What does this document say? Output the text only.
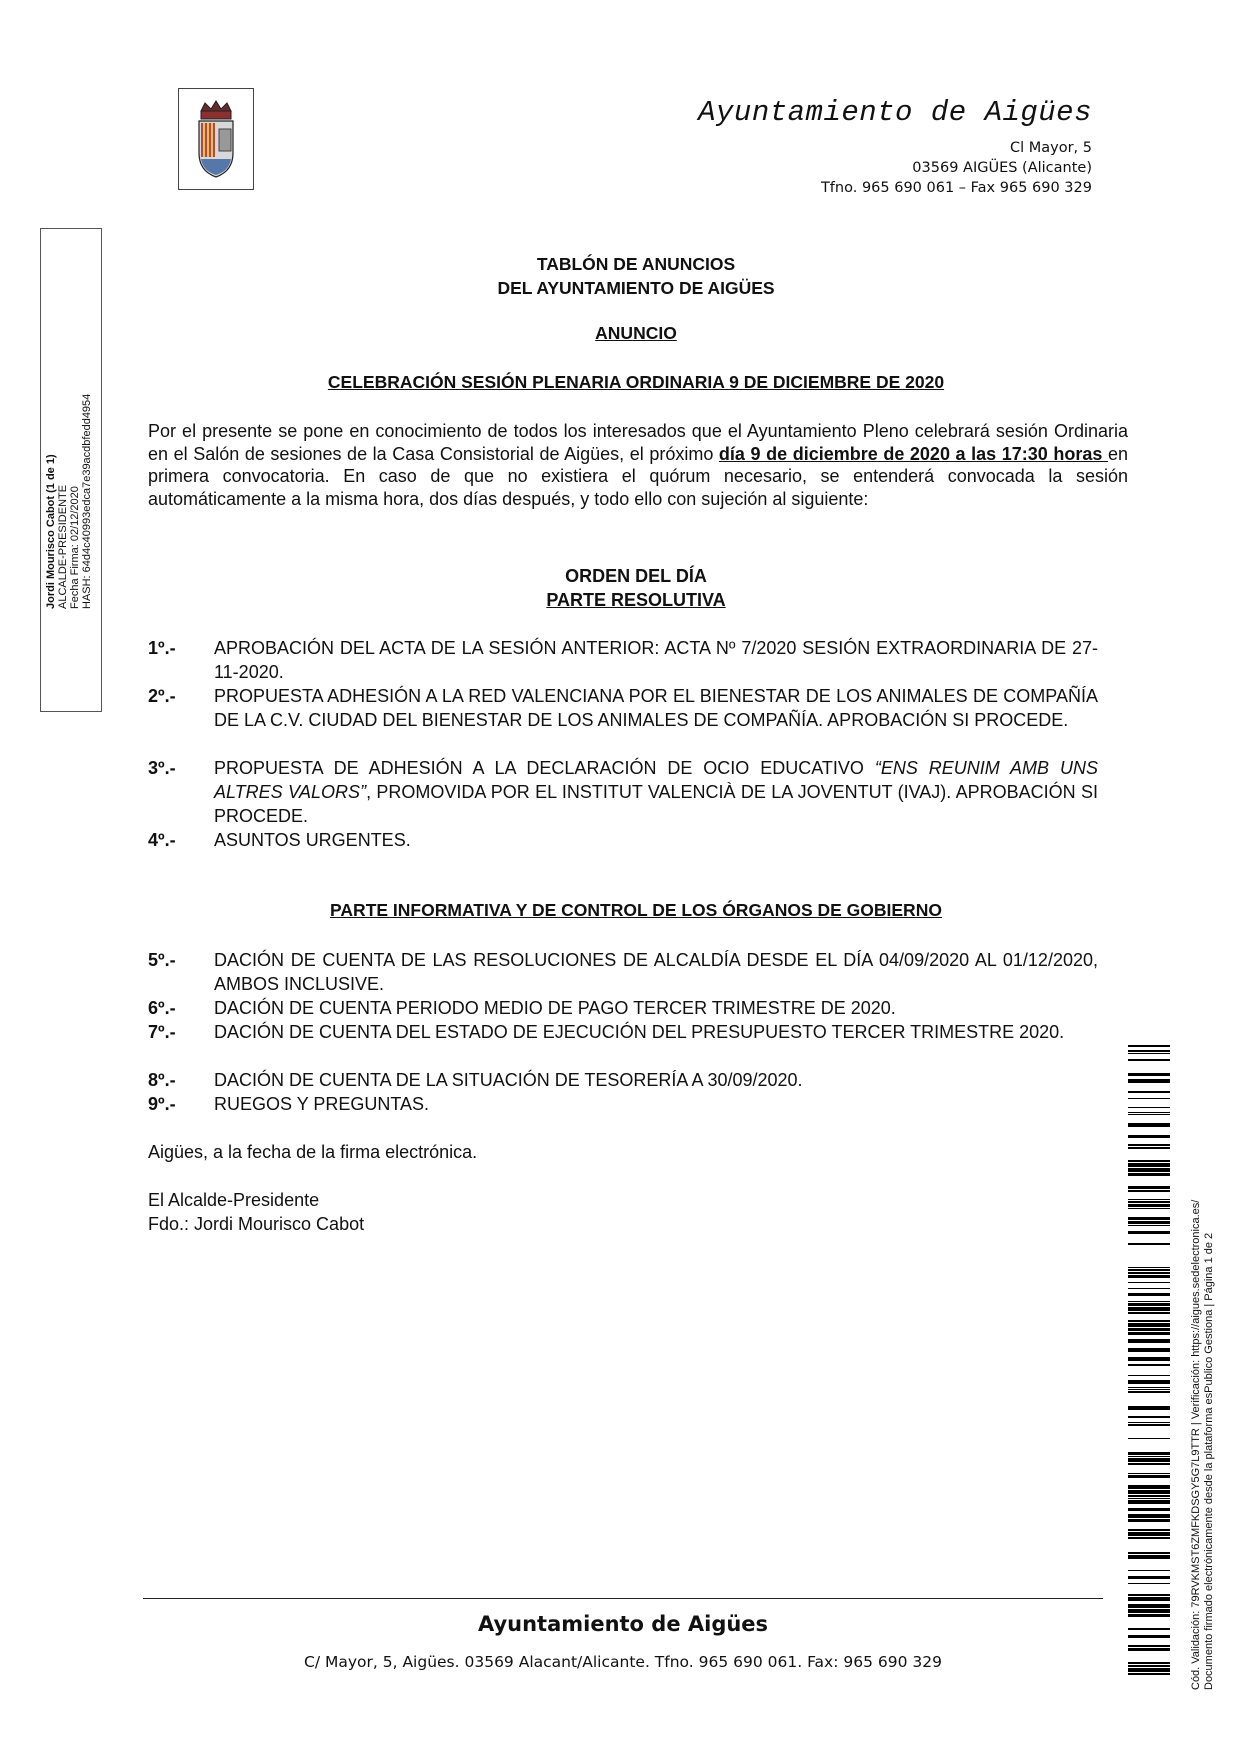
Ayuntamiento de Aigües
Cl Mayor, 5
03569 AIGÜES (Alicante)
Tfno. 965 690 061 – Fax 965 690 329
Jordi Mourisco Cabot (1 de 1) ALCALDE-PRESIDENTE Fecha Firma: 02/12/2020 HASH: 64d4c40993edca7e39acdbfedd4954
TABLÓN DE ANUNCIOS
DEL AYUNTAMIENTO DE AIGÜES
ANUNCIO
CELEBRACIÓN SESIÓN PLENARIA ORDINARIA 9 DE DICIEMBRE DE 2020
Por el presente se pone en conocimiento de todos los interesados que el Ayuntamiento Pleno celebrará sesión Ordinaria en el Salón de sesiones de la Casa Consistorial de Aigües, el próximo día 9 de diciembre de 2020 a las 17:30 horas en primera convocatoria. En caso de que no existiera el quórum necesario, se entenderá convocada la sesión automáticamente a la misma hora, dos días después, y todo ello con sujeción al siguiente:
ORDEN DEL DÍA
PARTE RESOLUTIVA
1º.-	APROBACIÓN DEL ACTA DE LA SESIÓN ANTERIOR: ACTA Nº 7/2020 SESIÓN EXTRAORDINARIA DE 27-11-2020.
2º.-	PROPUESTA ADHESIÓN A LA RED VALENCIANA POR EL BIENESTAR DE LOS ANIMALES DE COMPAÑÍA DE LA C.V. CIUDAD DEL BIENESTAR DE LOS ANIMALES DE COMPAÑÍA. APROBACIÓN SI PROCEDE.
3º.-	PROPUESTA DE ADHESIÓN A LA DECLARACIÓN DE OCIO EDUCATIVO “ENS REUNIM AMB UNS ALTRES VALORS”, PROMOVIDA POR EL INSTITUT VALENCIÀ DE LA JOVENTUT (IVAJ). APROBACIÓN SI PROCEDE.
4º.-	ASUNTOS URGENTES.
PARTE INFORMATIVA Y DE CONTROL DE LOS ÓRGANOS DE GOBIERNO
5º.-	DACIÓN DE CUENTA DE LAS RESOLUCIONES DE ALCALDÍA DESDE EL DÍA 04/09/2020 AL 01/12/2020, AMBOS INCLUSIVE.
6º.-	DACIÓN DE CUENTA PERIODO MEDIO DE PAGO TERCER TRIMESTRE DE 2020.
7º.-	DACIÓN DE CUENTA DEL ESTADO DE EJECUCIÓN DEL PRESUPUESTO TERCER TRIMESTRE 2020.
8º.-	DACIÓN DE CUENTA DE LA SITUACIÓN DE TESORERÍA A 30/09/2020.
9º.-	RUEGOS Y PREGUNTAS.
Aigües, a la fecha de la firma electrónica.
El Alcalde-Presidente
Fdo.: Jordi Mourisco Cabot
Ayuntamiento de Aigües
C/ Mayor, 5, Aigües. 03569 Alacant/Alicante. Tfno. 965 690 061. Fax: 965 690 329	Cód. Validación: 79RVKMST6ZMFKDSGY5G7L9TTR | Verificación: https://aigues.sedelectronica.es/ Documento firmado electrónicamente desde la plataforma esPublico Gestiona | Página 1 de 2
